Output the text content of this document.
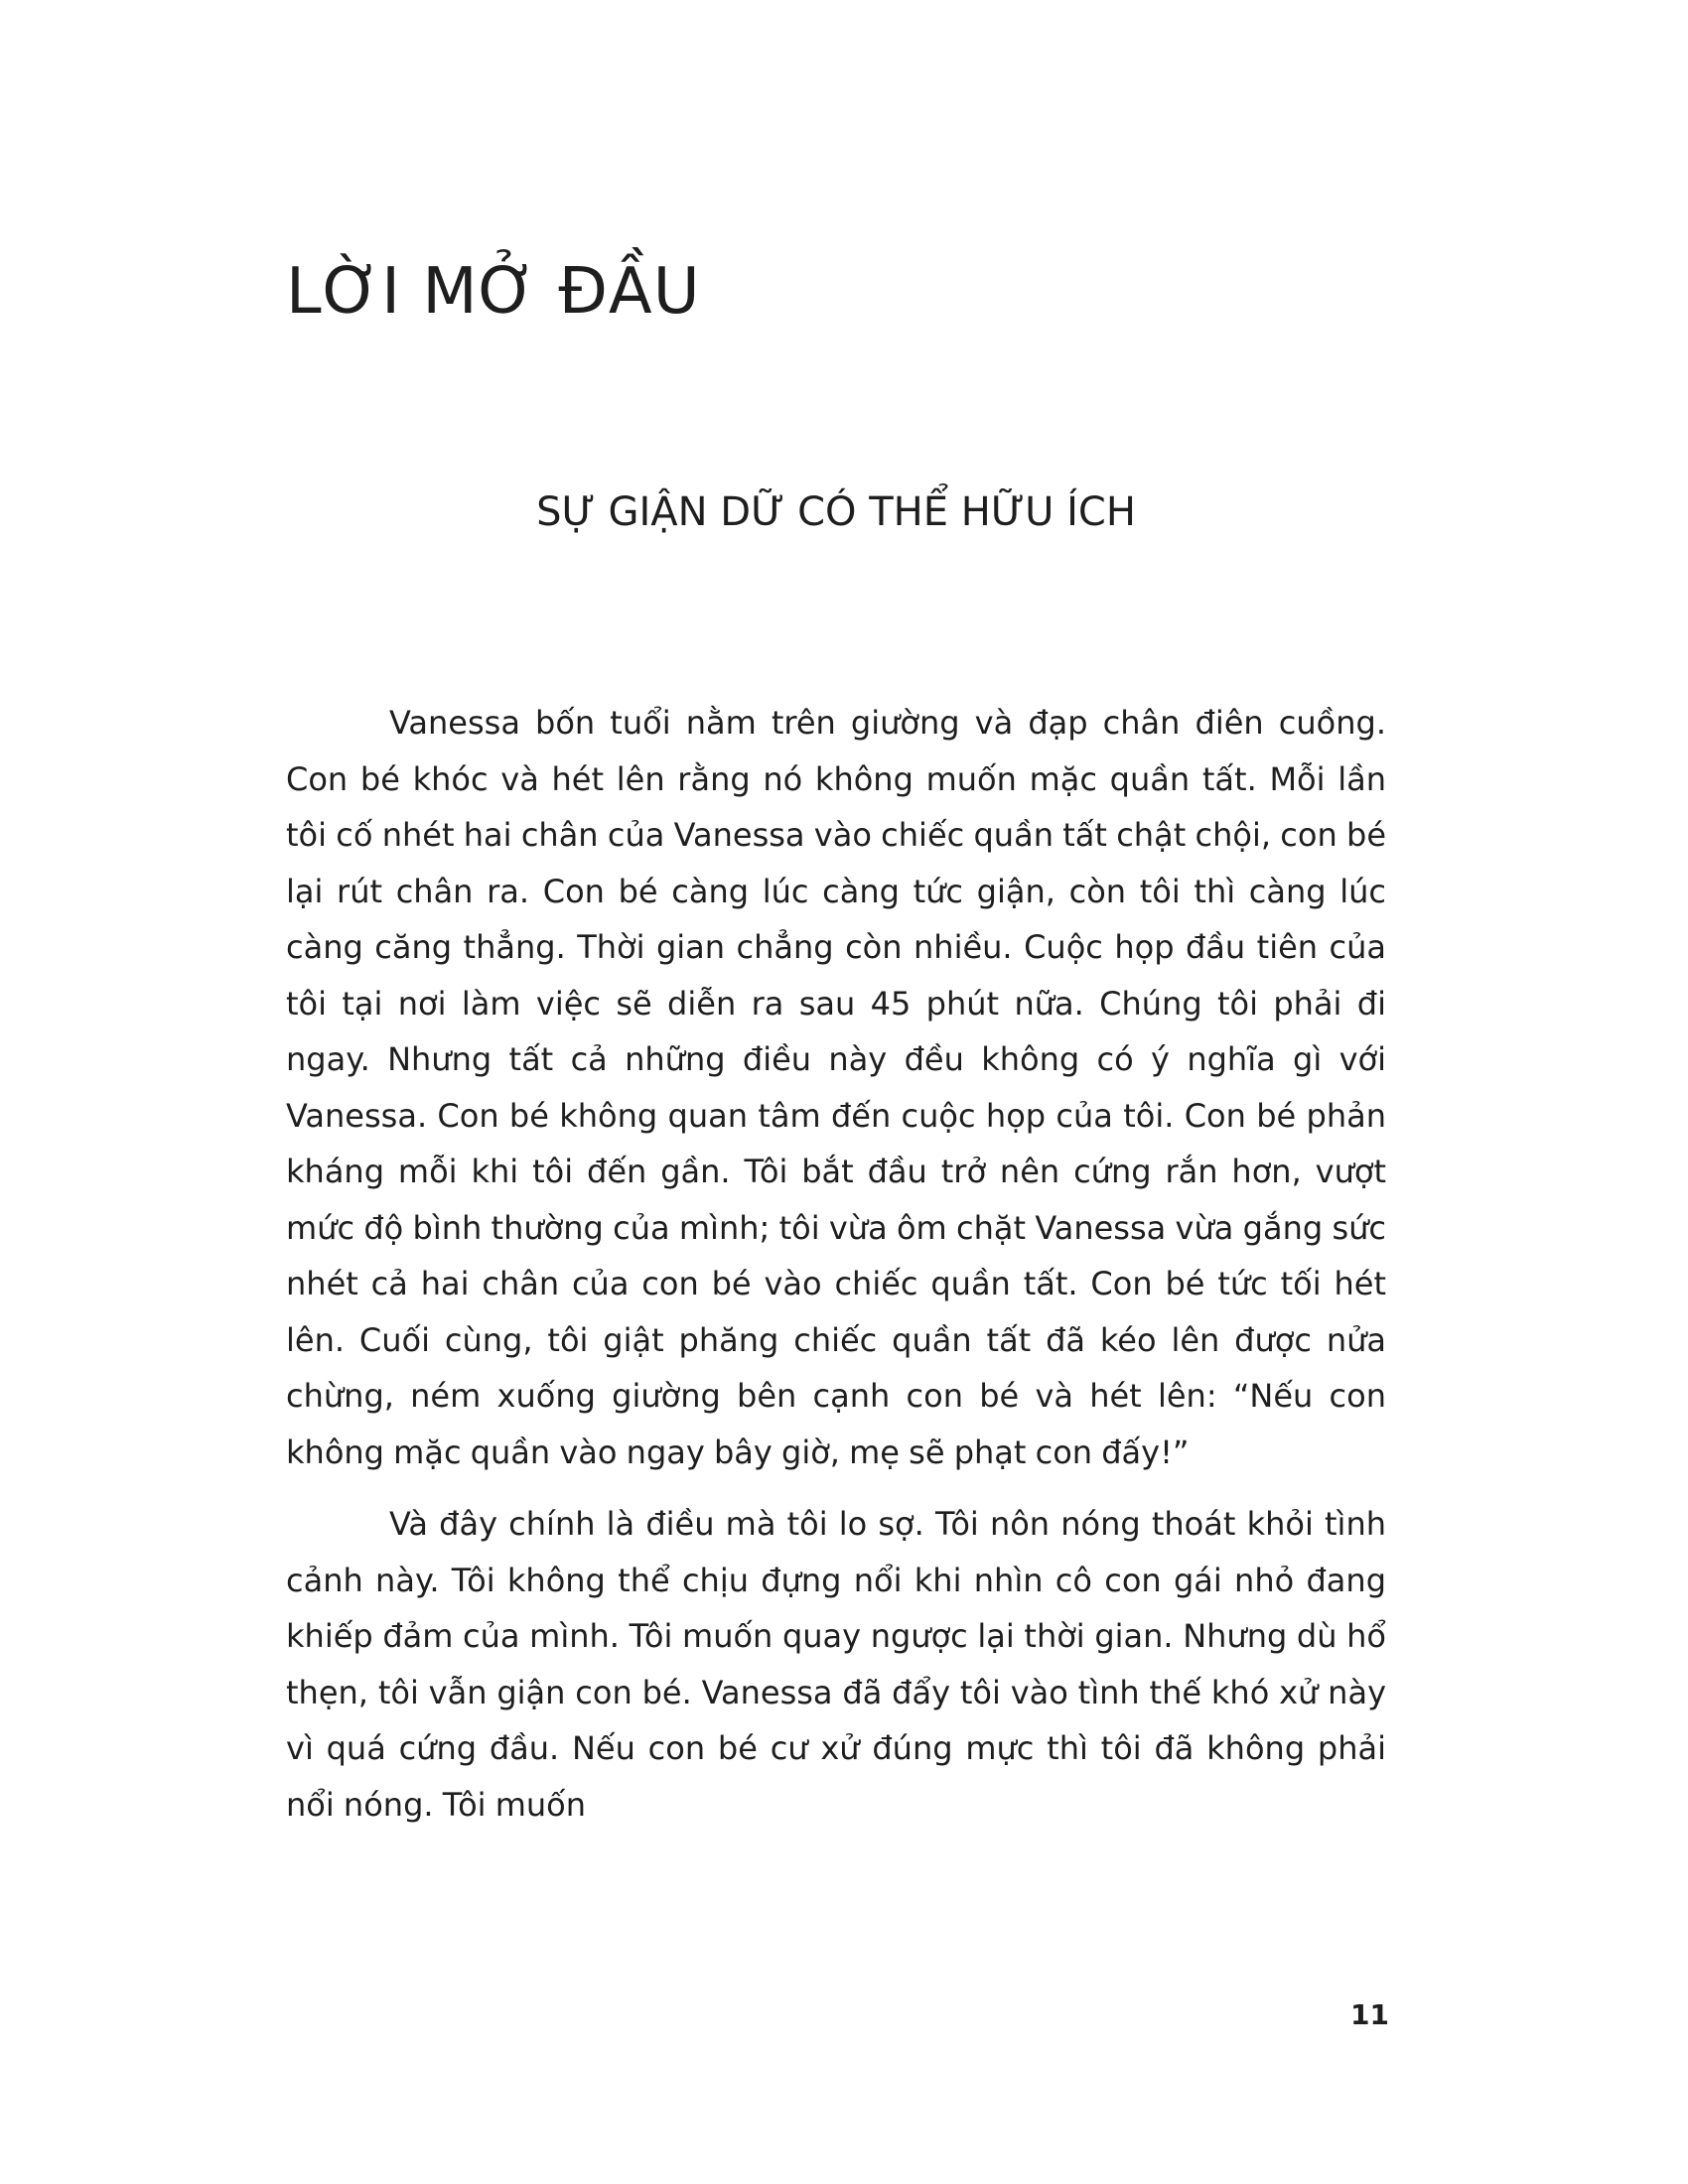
LỜI MỞ ĐẦU
SỰ GIẬN DỮ CÓ THỂ HỮU ÍCH

Vanessa bốn tuổi nằm trên giường và đạp chân điên cuồng. Con bé khóc và hét lên rằng nó không muốn mặc quần tất. Mỗi lần tôi cố nhét hai chân của Vanessa vào chiếc quần tất chật chội, con bé lại rút chân ra. Con bé càng lúc càng tức giận, còn tôi thì càng lúc càng căng thẳng. Thời gian chẳng còn nhiều. Cuộc họp đầu tiên của tôi tại nơi làm việc sẽ diễn ra sau 45 phút nữa. Chúng tôi phải đi ngay. Nhưng tất cả những điều này đều không có ý nghĩa gì với Vanessa. Con bé không quan tâm đến cuộc họp của tôi. Con bé phản kháng mỗi khi tôi đến gần. Tôi bắt đầu trở nên cứng rắn hơn, vượt mức độ bình thường của mình; tôi vừa ôm chặt Vanessa vừa gắng sức nhét cả hai chân của con bé vào chiếc quần tất. Con bé tức tối hét lên. Cuối cùng, tôi giật phăng chiếc quần tất đã kéo lên được nửa chừng, ném xuống giường bên cạnh con bé và hét lên: “Nếu con không mặc quần vào ngay bây giờ, mẹ sẽ phạt con đấy!”

Và đây chính là điều mà tôi lo sợ. Tôi nôn nóng thoát khỏi tình cảnh này. Tôi không thể chịu đựng nổi khi nhìn cô con gái nhỏ đang khiếp đảm của mình. Tôi muốn quay ngược lại thời gian. Nhưng dù hổ thẹn, tôi vẫn giận con bé. Vanessa đã đẩy tôi vào tình thế khó xử này vì quá cứng đầu. Nếu con bé cư xử đúng mực thì tôi đã không phải nổi nóng. Tôi muốn

11
